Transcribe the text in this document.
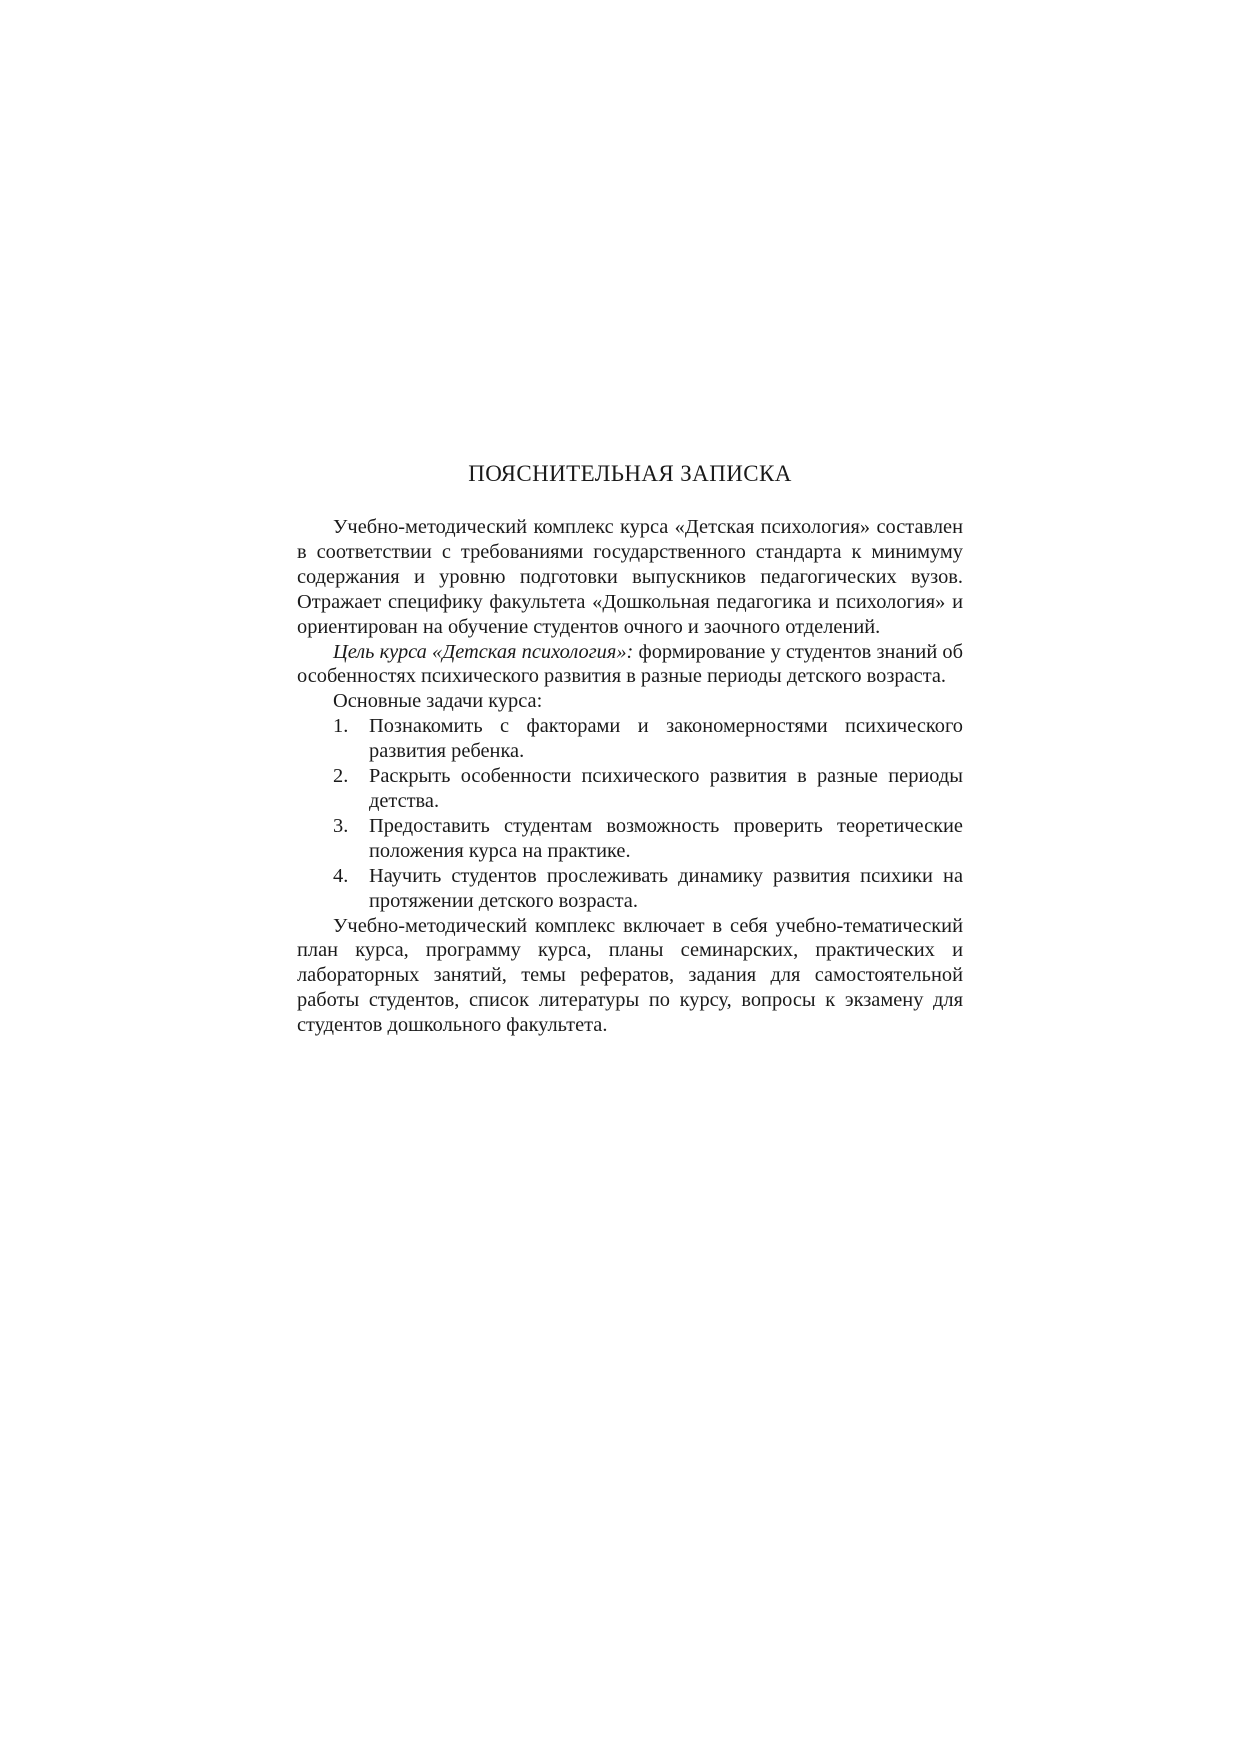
ПОЯСНИТЕЛЬНАЯ ЗАПИСКА

Учебно-методический комплекс курса «Детская психология» составлен в соответствии с требованиями государственного стандарта к минимуму содержания и уровню подготовки выпускников педагогических вузов. Отражает специфику факультета «Дошкольная педагогика и психология» и ориентирован на обучение студентов очного и заочного отделений.

Цель курса «Детская психология»: формирование у студентов знаний об особенностях психического развития в разные периоды детского возраста.

Основные задачи курса:

1.	Познакомить с факторами и закономерностями психического развития ребенка.
2.	Раскрыть особенности психического развития в разные периоды детства.
3.	Предоставить студентам возможность проверить теоретические положения курса на практике.
4.	Научить студентов прослеживать динамику развития психики на протяжении детского возраста.

Учебно-методический комплекс включает в себя учебно-тематический план курса, программу курса, планы семинарских, практических и лабораторных занятий, темы рефератов, задания для самостоятельной работы студентов, список литературы по курсу, вопросы к экзамену для студентов дошкольного факультета.
